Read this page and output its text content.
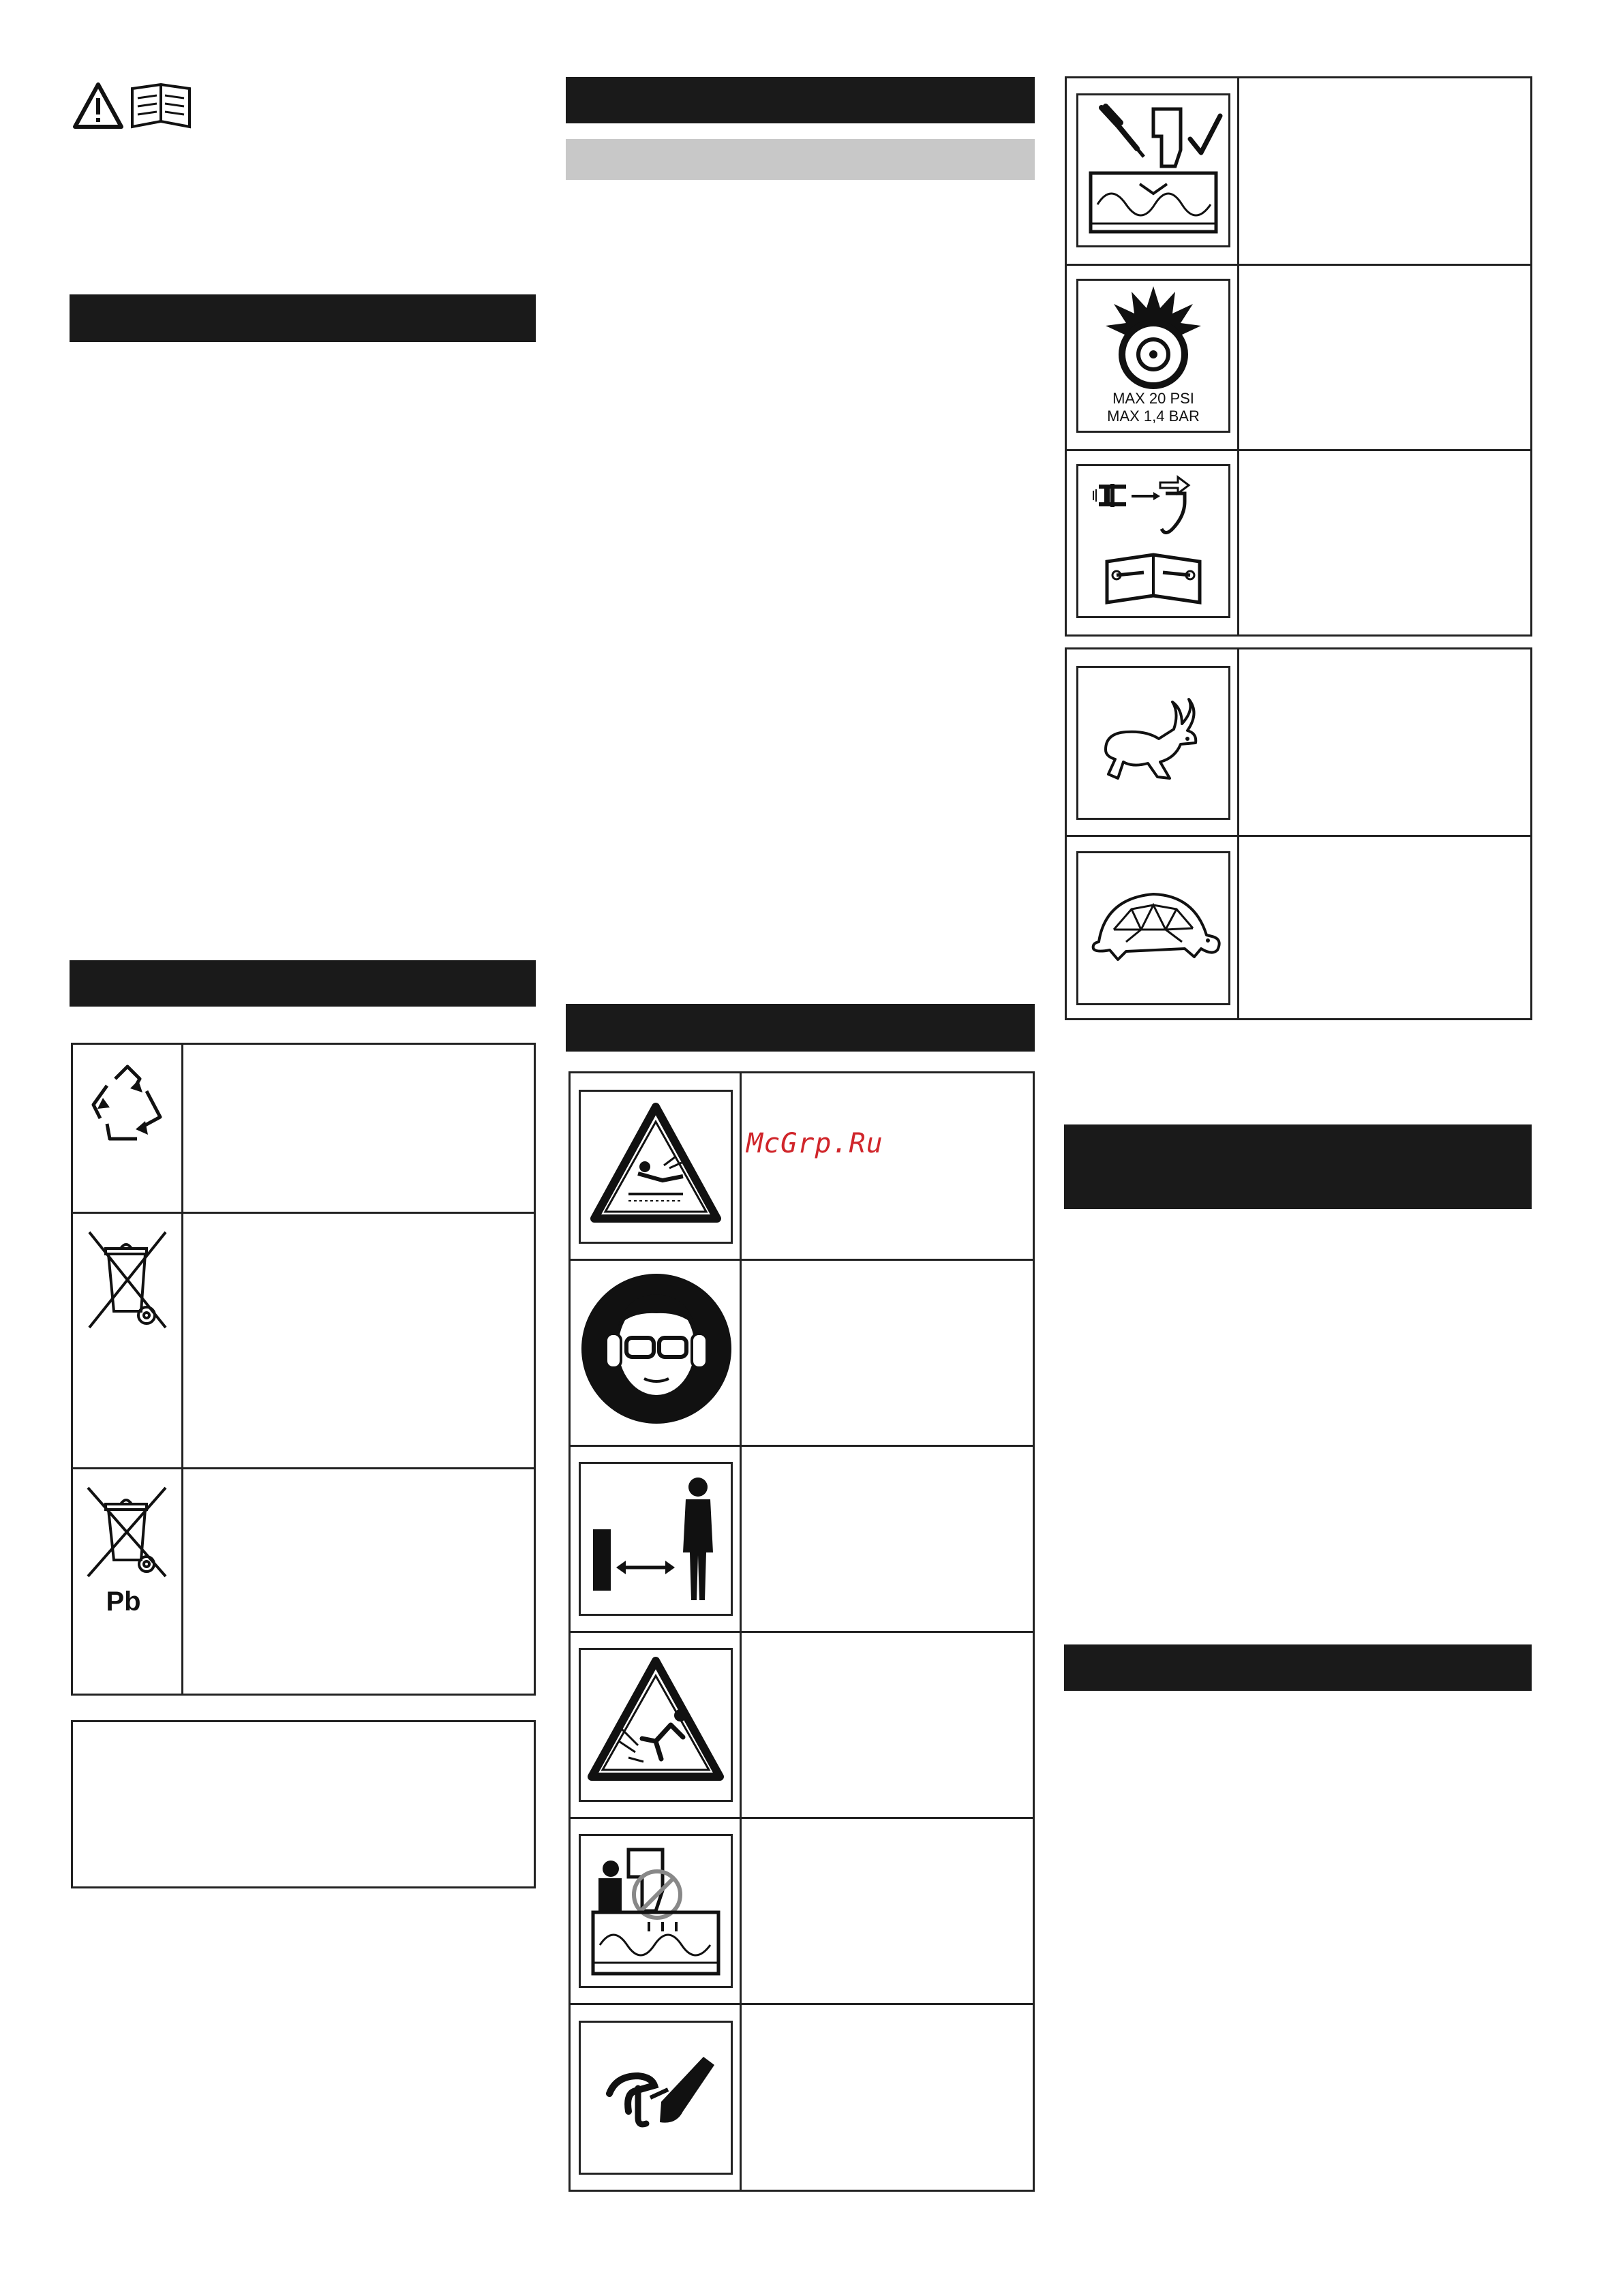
Pb
McGrp.Ru
MAX 20 PSI
MAX 1,4 BAR
